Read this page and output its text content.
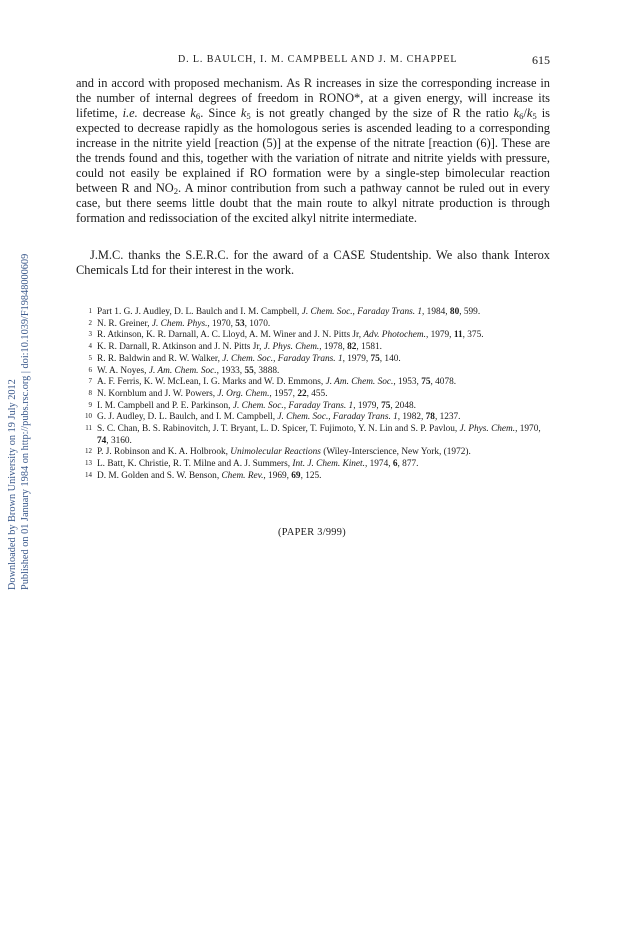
Downloaded by Brown University on 19 July 2012 Published on 01 January 1984 on http://pubs.rsc.org | doi:10.1039/F19848000609
D. L. BAULCH, I. M. CAMPBELL AND J. M. CHAPPEL	615

and in accord with proposed mechanism. As R increases in size the corresponding increase in the number of internal degrees of freedom in RONO*, at a given energy, will increase its lifetime, i.e. decrease $k_6$. Since $k_5$ is not greatly changed by the size of R the ratio $k_6/k_5$ is expected to decrease rapidly as the homologous series is ascended leading to a corresponding increase in the nitrite yield [reaction (5)] at the expense of the nitrate [reaction (6)]. These are the trends found and this, together with the variation of nitrate and nitrite yields with pressure, could not easily be explained if RO formation were by a single-step bimolecular reaction between R and $NO_2$. A minor contribution from such a pathway cannot be ruled out in every case, but there seems little doubt that the main route to alkyl nitrate production is through formation and redissociation of the excited alkyl nitrite intermediate.

J.M.C. thanks the S.E.R.C. for the award of a CASE Studentship. We also thank Interox Chemicals Ltd for their interest in the work.

1 Part 1. G. J. Audley, D. L. Baulch and I. M. Campbell, J. Chem. Soc., Faraday Trans. 1, 1984, 80, 599.
2 N. R. Greiner, J. Chem. Phys., 1970, 53, 1070.
3 R. Atkinson, K. R. Darnall, A. C. Lloyd, A. M. Winer and J. N. Pitts Jr, Adv. Photochem., 1979, 11, 375.
4 K. R. Darnall, R. Atkinson and J. N. Pitts Jr, J. Phys. Chem., 1978, 82, 1581.
5 R. R. Baldwin and R. W. Walker, J. Chem. Soc., Faraday Trans. 1, 1979, 75, 140.
6 W. A. Noyes, J. Am. Chem. Soc., 1933, 55, 3888.
7 A. F. Ferris, K. W. McLean, I. G. Marks and W. D. Emmons, J. Am. Chem. Soc., 1953, 75, 4078.
8 N. Kornblum and J. W. Powers, J. Org. Chem., 1957, 22, 455.
9 I. M. Campbell and P. E. Parkinson, J. Chem. Soc., Faraday Trans. 1, 1979, 75, 2048.
10 G. J. Audley, D. L. Baulch, and I. M. Campbell, J. Chem. Soc., Faraday Trans. 1, 1982, 78, 1237.
11 S. C. Chan, B. S. Rabinovitch, J. T. Bryant, L. D. Spicer, T. Fujimoto, Y. N. Lin and S. P. Pavlou, J. Phys. Chem., 1970, 74, 3160.
12 P. J. Robinson and K. A. Holbrook, Unimolecular Reactions (Wiley-Interscience, New York, (1972).
13 L. Batt, K. Christie, R. T. Milne and A. J. Summers, Int. J. Chem. Kinet., 1974, 6, 877.
14 D. M. Golden and S. W. Benson, Chem. Rev., 1969, 69, 125.
(PAPER 3/999)
